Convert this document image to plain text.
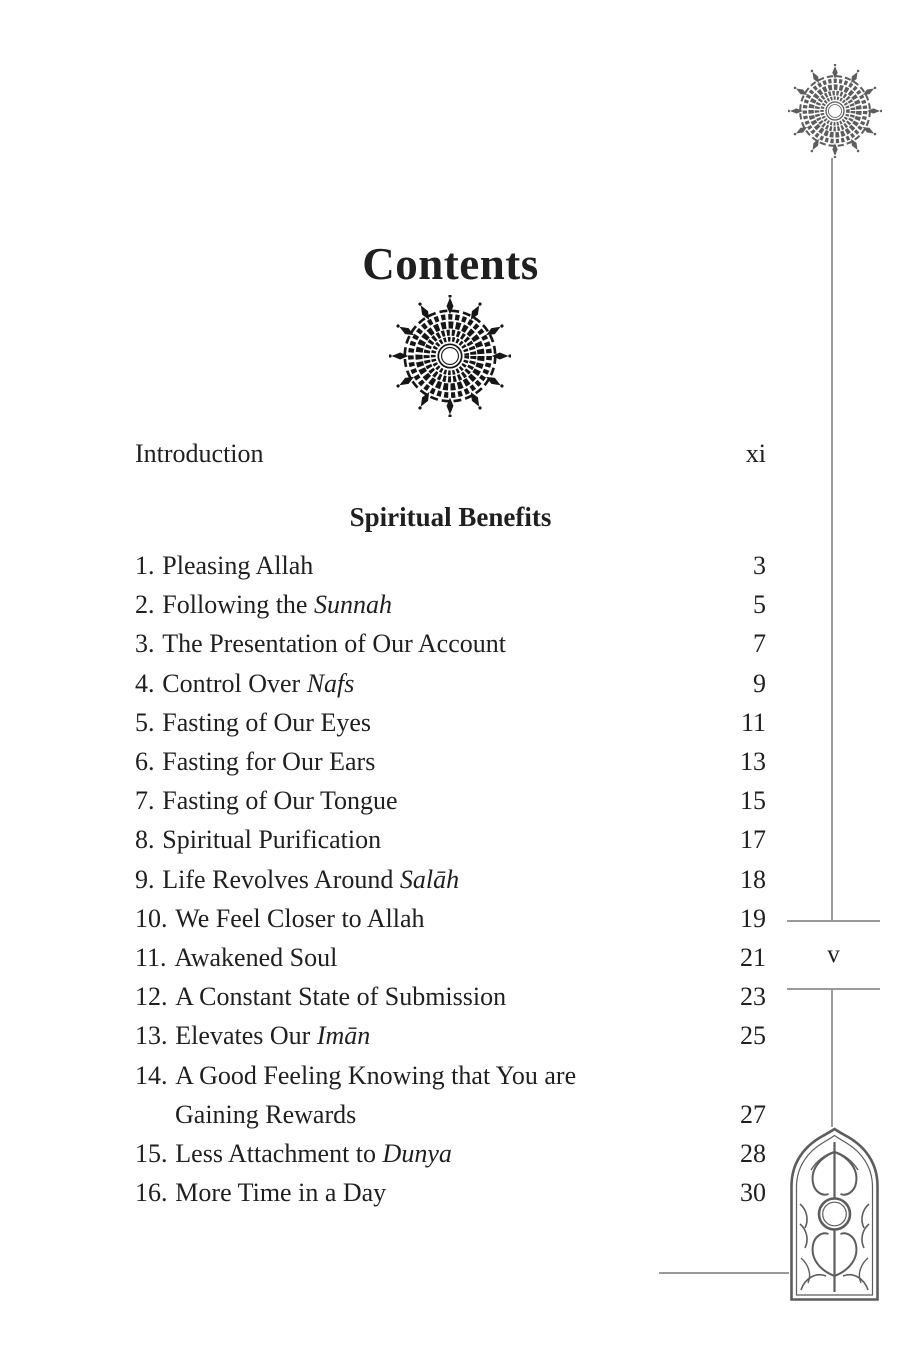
v
Contents
Introduction	xi
Spiritual Benefits
1. Pleasing Allah	3
2. Following the Sunnah	5
3. The Presentation of Our Account	7
4. Control Over Nafs	9
5. Fasting of Our Eyes	11
6. Fasting for Our Ears	13
7. Fasting of Our Tongue	15
8. Spiritual Purification	17
9. Life Revolves Around Salāh	18
10. We Feel Closer to Allah	19
11. Awakened Soul	21
12. A Constant State of Submission	23
13. Elevates Our Imān	25
14. A Good Feeling Knowing that You are
Gaining Rewards	27
15. Less Attachment to Dunya	28
16. More Time in a Day	30
